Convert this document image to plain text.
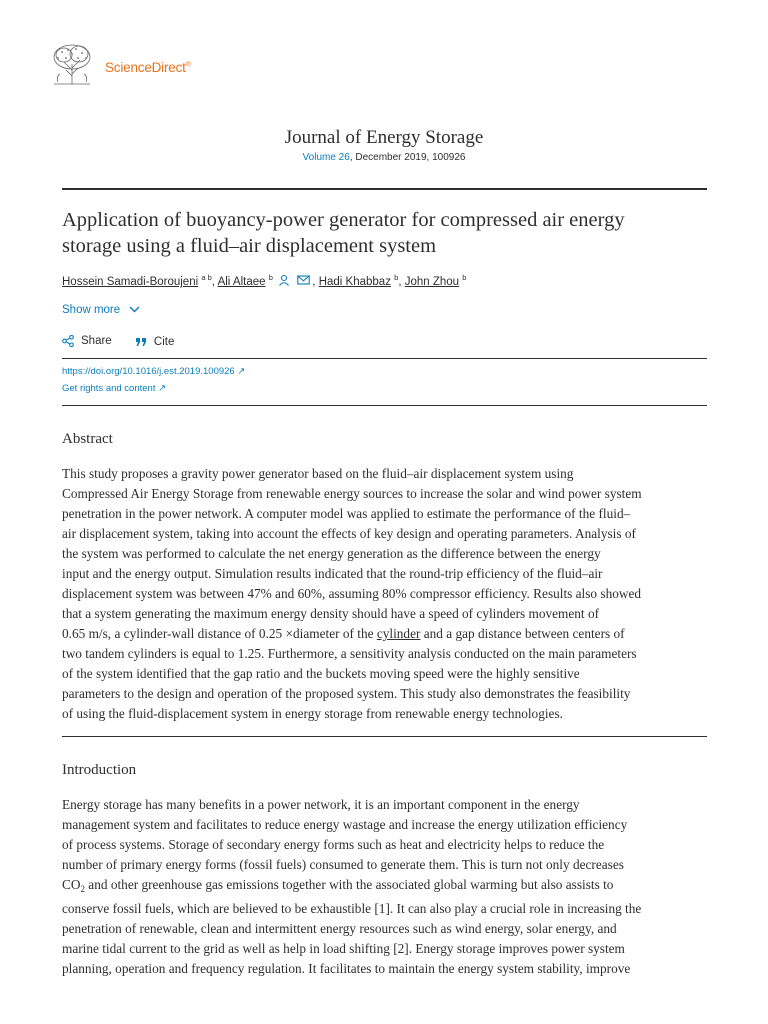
ScienceDirect®
Journal of Energy Storage
Volume 26, December 2019, 100926
Application of buoyancy-power generator for compressed air energy
storage using a fluid–air displacement system
Hossein Samadi-Boroujeni $^{a b}$, Ali Altaee $^b$	, Hadi Khabbaz $^b$, John Zhou $^b$
Show more
Share
	Cite
https://doi.org/10.1016/j.est.2019.100926 ↗
Get rights and content ↗
Abstract
This study proposes a gravity power generator based on the fluid–air displacement system using
Compressed Air Energy Storage from renewable energy sources to increase the solar and wind power system
penetration in the power network. A computer model was applied to estimate the performance of the fluid–
air displacement system, taking into account the effects of key design and operating parameters. Analysis of
the system was performed to calculate the net energy generation as the difference between the energy
input and the energy output. Simulation results indicated that the round-trip efficiency of the fluid–air
displacement system was between 47% and 60%, assuming 80% compressor efficiency. Results also showed
that a system generating the maximum energy density should have a speed of cylinders movement of
0.65 m/s, a cylinder-wall distance of 0.25 ×diameter of the cylinder and a gap distance between centers of
two tandem cylinders is equal to 1.25. Furthermore, a sensitivity analysis conducted on the main parameters
of the system identified that the gap ratio and the buckets moving speed were the highly sensitive
parameters to the design and operation of the proposed system. This study also demonstrates the feasibility
of using the fluid-displacement system in energy storage from renewable energy technologies.
Introduction
Energy storage has many benefits in a power network, it is an important component in the energy
management system and facilitates to reduce energy wastage and increase the energy utilization efficiency
of process systems. Storage of secondary energy forms such as heat and electricity helps to reduce the
number of primary energy forms (fossil fuels) consumed to generate them. This is turn not only decreases
$CO_2$ and other greenhouse gas emissions together with the associated global warming but also assists to
conserve fossil fuels, which are believed to be exhaustible [1]. It can also play a crucial role in increasing the
penetration of renewable, clean and intermittent energy resources such as wind energy, solar energy, and
marine tidal current to the grid as well as help in load shifting [2]. Energy storage improves power system
planning, operation and frequency regulation. It facilitates to maintain the energy system stability, improve
